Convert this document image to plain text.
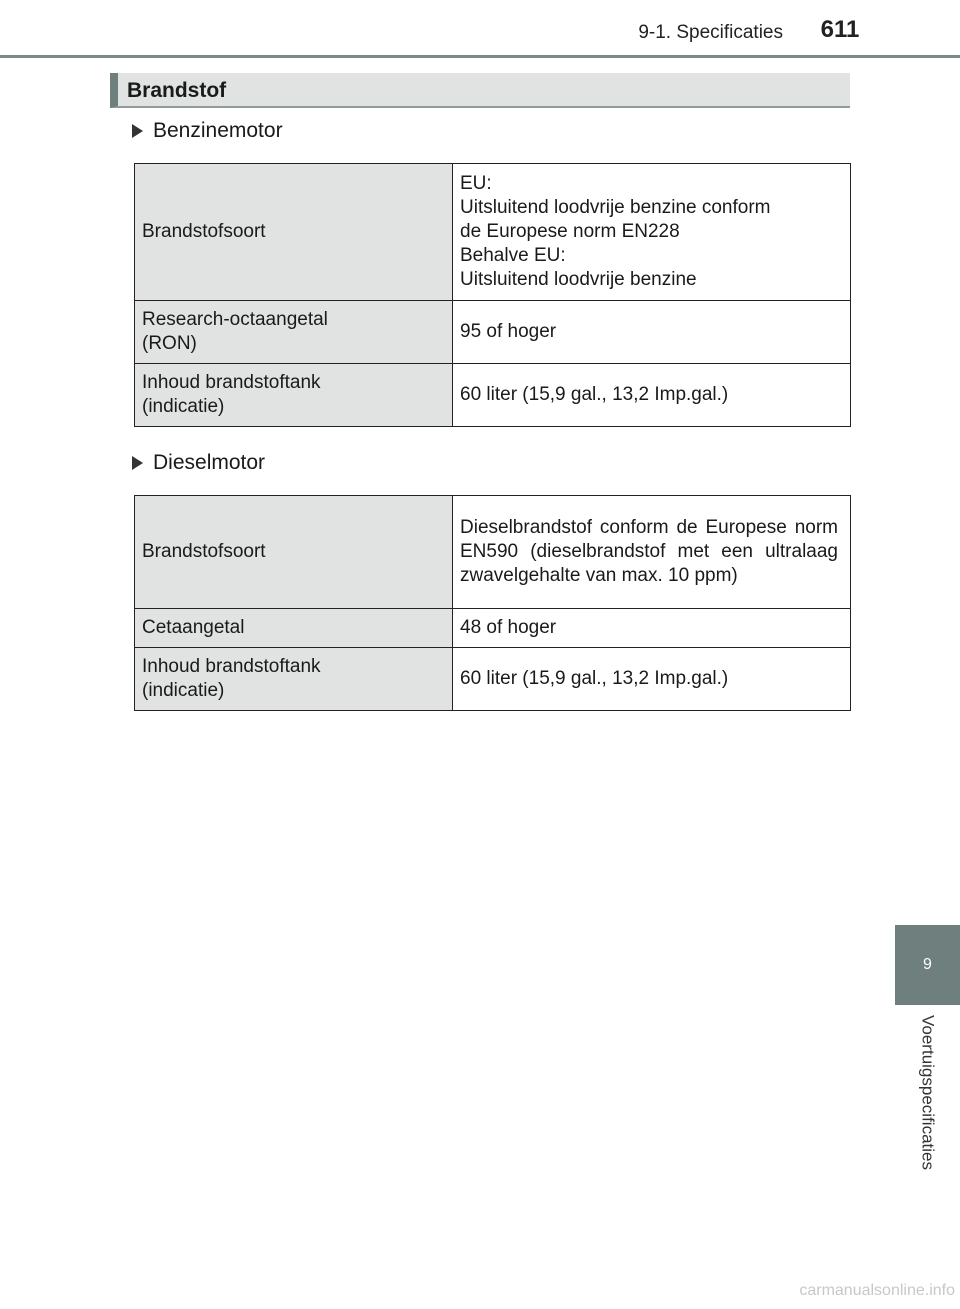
9-1. Specificaties	611
Brandstof
Benzinemotor
Brandstofsoort	EU:
Uitsluitend loodvrije benzine conform
de Europese norm EN228
Behalve EU:
Uitsluitend loodvrije benzine

Research-octaangetal
(RON)	95 of hoger

Inhoud brandstoftank
(indicatie)	60 liter (15,9 gal., 13,2 Imp.gal.)
Dieselmotor
Brandstofsoort	Dieselbrandstof conform de Europese norm EN590 (dieselbrandstof met een ultralaag zwavelgehalte van max. 10 ppm)
Cetaangetal	48 of hoger

Inhoud brandstoftank
(indicatie)	60 liter (15,9 gal., 13,2 Imp.gal.)
9
Voertuigspecificaties
carmanualsonline.info
